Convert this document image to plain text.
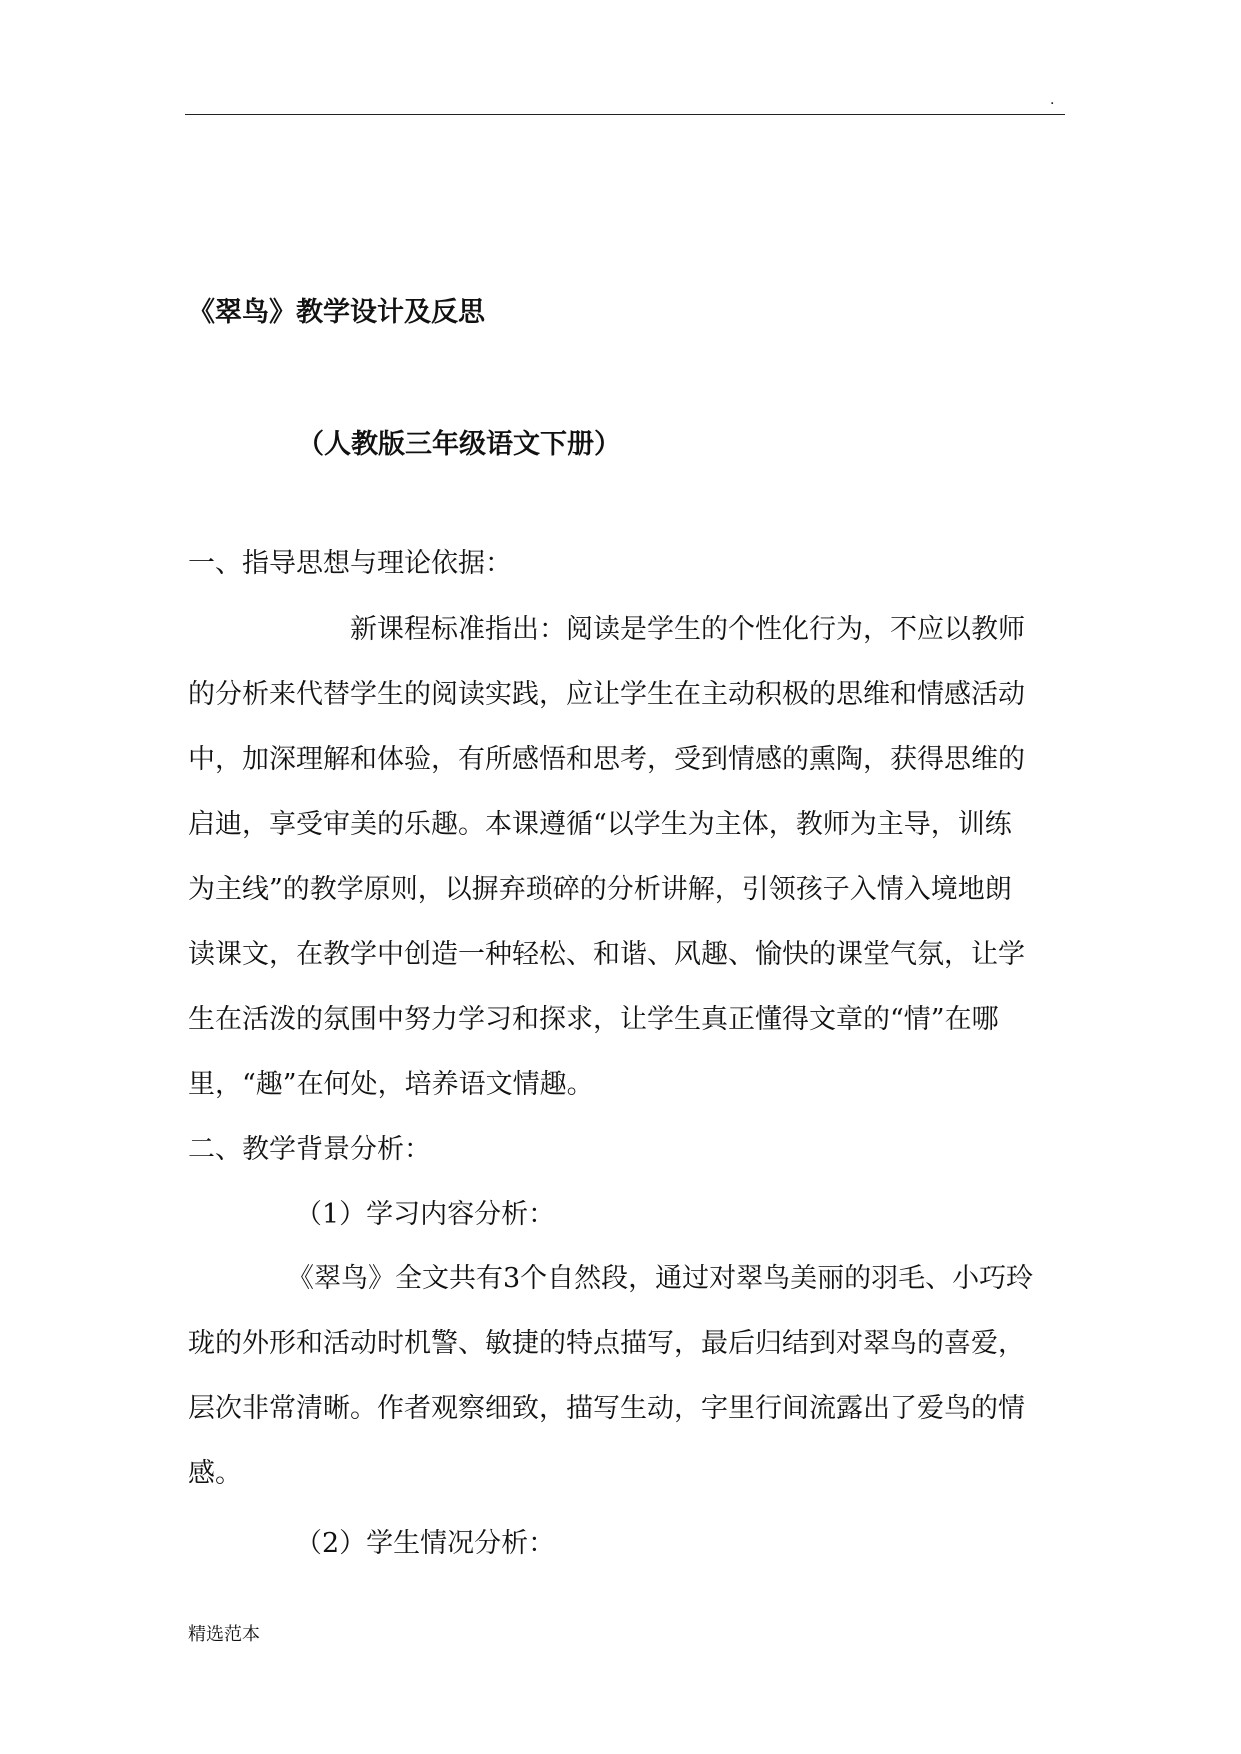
.
《翠鸟》教学设计及反思
（人教版三年级语文下册）
一、指导思想与理论依据：
新课程标准指出：阅读是学生的个性化行为，不应以教师
的分析来代替学生的阅读实践，应让学生在主动积极的思维和情感活动
中，加深理解和体验，有所感悟和思考，受到情感的熏陶，获得思维的
启迪，享受审美的乐趣。本课遵循“以学生为主体，教师为主导，训练
为主线”的教学原则，以摒弃琐碎的分析讲解，引领孩子入情入境地朗
读课文，在教学中创造一种轻松、和谐、风趣、愉快的课堂气氛，让学
生在活泼的氛围中努力学习和探求，让学生真正懂得文章的“情”在哪
里，“趣”在何处，培养语文情趣。
二、教学背景分析：
（1）学习内容分析：
《翠鸟》全文共有3个自然段，通过对翠鸟美丽的羽毛、小巧玲
珑的外形和活动时机警、敏捷的特点描写，最后归结到对翠鸟的喜爱，
层次非常清晰。作者观察细致，描写生动，字里行间流露出了爱鸟的情
感。
（2）学生情况分析：
精选范本
